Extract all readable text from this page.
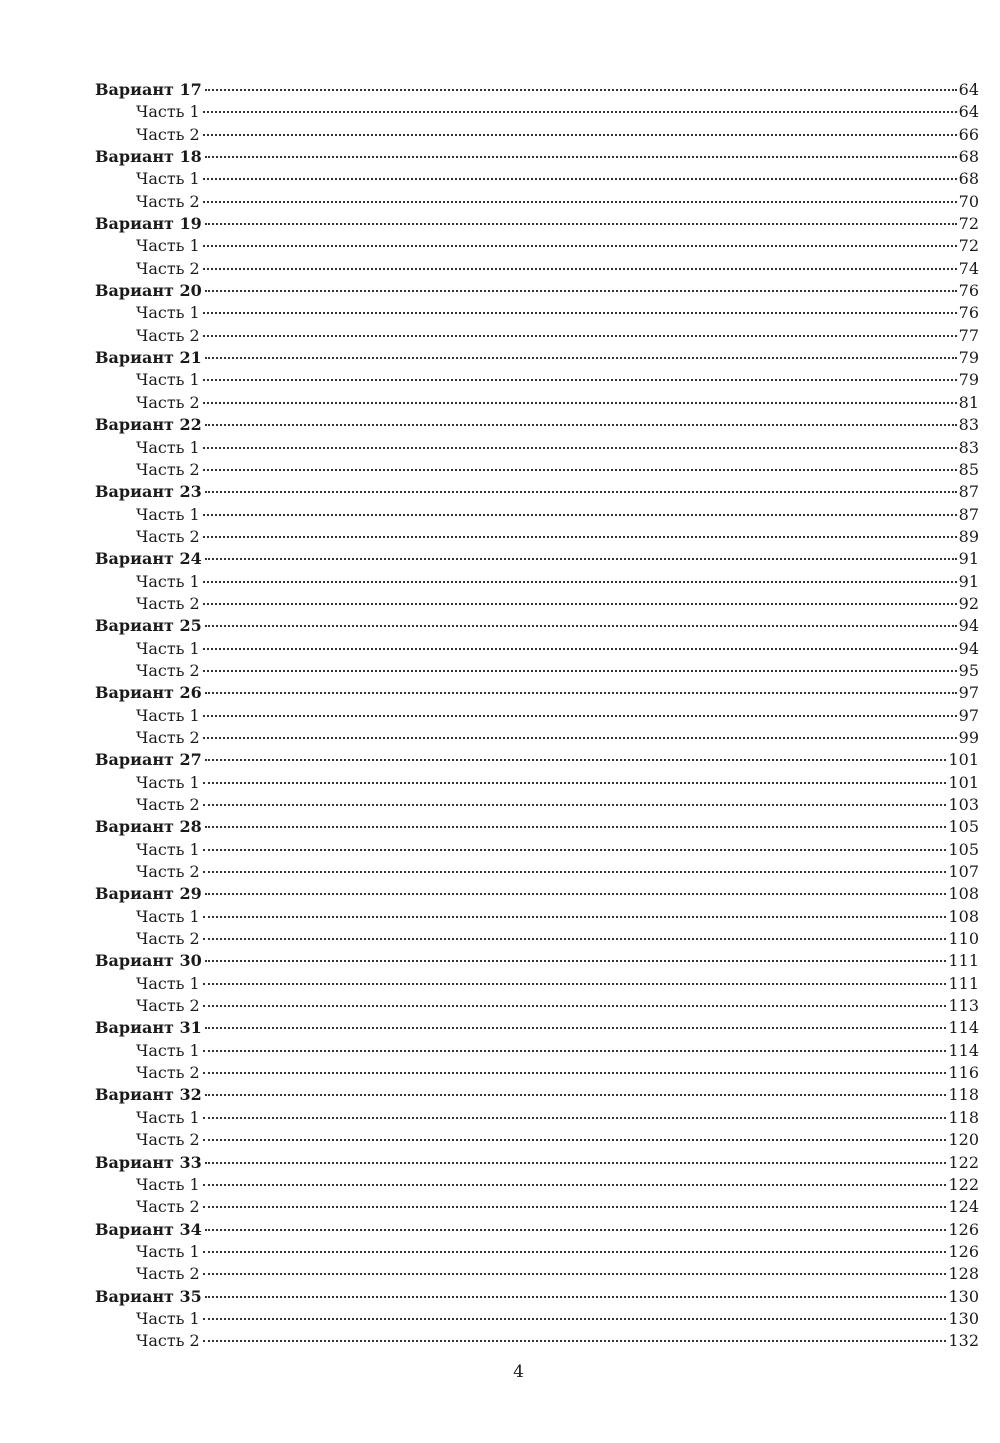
Вариант 17	64
Часть 1	64
Часть 2	66
Вариант 18	68
Часть 1	68
Часть 2	70
Вариант 19	72
Часть 1	72
Часть 2	74
Вариант 20	76
Часть 1	76
Часть 2	77
Вариант 21	79
Часть 1	79
Часть 2	81
Вариант 22	83
Часть 1	83
Часть 2	85
Вариант 23	87
Часть 1	87
Часть 2	89
Вариант 24	91
Часть 1	91
Часть 2	92
Вариант 25	94
Часть 1	94
Часть 2	95
Вариант 26	97
Часть 1	97
Часть 2	99
Вариант 27	101
Часть 1	101
Часть 2	103
Вариант 28	105
Часть 1	105
Часть 2	107
Вариант 29	108
Часть 1	108
Часть 2	110
Вариант 30	111
Часть 1	111
Часть 2	113
Вариант 31	114
Часть 1	114
Часть 2	116
Вариант 32	118
Часть 1	118
Часть 2	120
Вариант 33	122
Часть 1	122
Часть 2	124
Вариант 34	126
Часть 1	126
Часть 2	128
Вариант 35	130
Часть 1	130
Часть 2	132
4
